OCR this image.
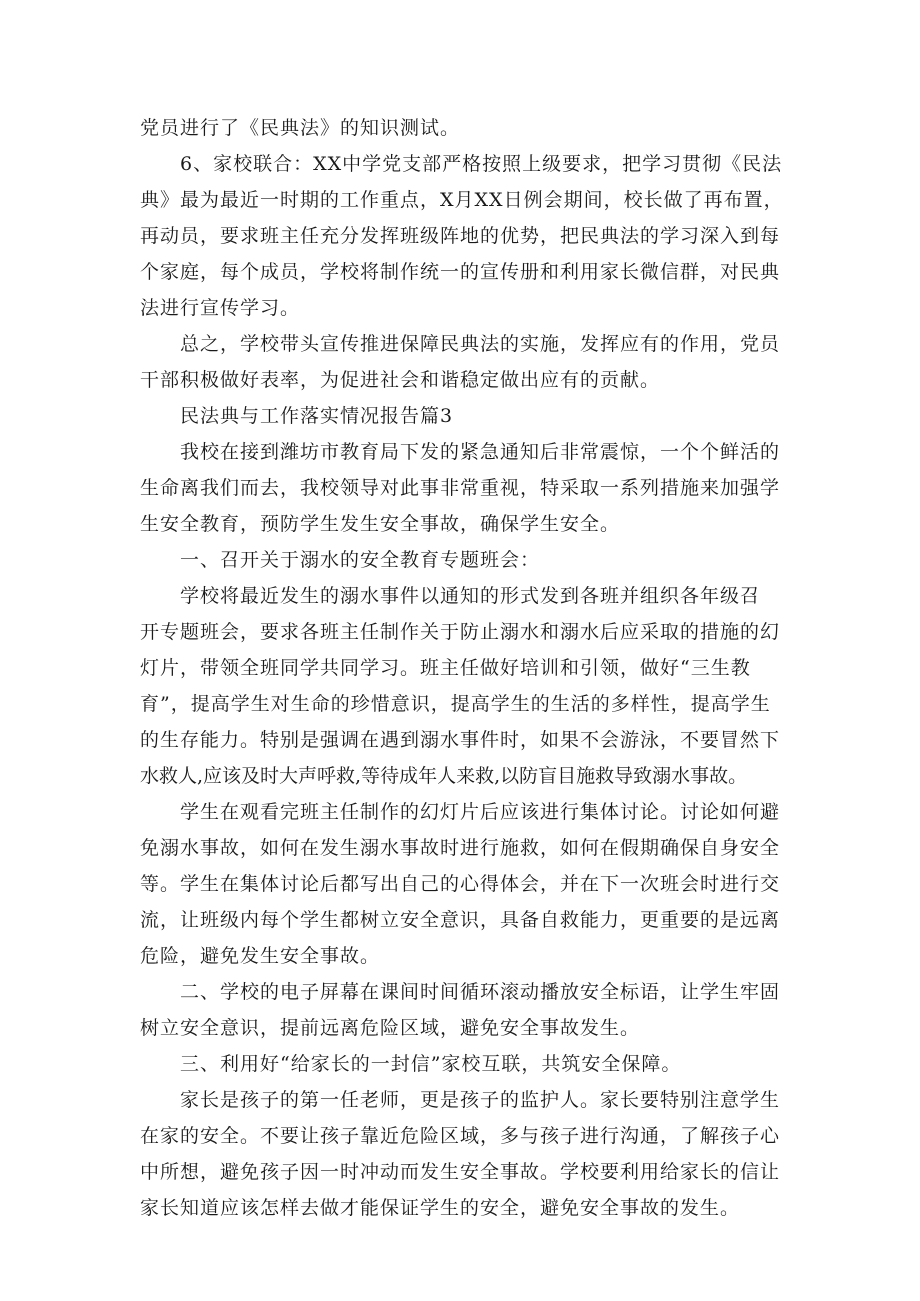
党员进行了《民典法》的知识测试。
6、家校联合：XX中学党支部严格按照上级要求，把学习贯彻《民法
典》最为最近一时期的工作重点，X月XX日例会期间，校长做了再布置，
再动员，要求班主任充分发挥班级阵地的优势，把民典法的学习深入到每
个家庭，每个成员，学校将制作统一的宣传册和利用家长微信群，对民典
法进行宣传学习。
总之，学校带头宣传推进保障民典法的实施，发挥应有的作用，党员
干部积极做好表率，为促进社会和谐稳定做出应有的贡献。
民法典与工作落实情况报告篇3
我校在接到潍坊市教育局下发的紧急通知后非常震惊，一个个鲜活的
生命离我们而去，我校领导对此事非常重视，特采取一系列措施来加强学
生安全教育，预防学生发生安全事故，确保学生安全。
一、召开关于溺水的安全教育专题班会：
学校将最近发生的溺水事件以通知的形式发到各班并组织各年级召
开专题班会，要求各班主任制作关于防止溺水和溺水后应采取的措施的幻
灯片，带领全班同学共同学习。班主任做好培训和引领，做好“三生教
育”，提高学生对生命的珍惜意识，提高学生的生活的多样性，提高学生
的生存能力。特别是强调在遇到溺水事件时，如果不会游泳，不要冒然下
水救人,应该及时大声呼救,等待成年人来救,以防盲目施救导致溺水事故。
学生在观看完班主任制作的幻灯片后应该进行集体讨论。讨论如何避
免溺水事故，如何在发生溺水事故时进行施救，如何在假期确保自身安全
等。学生在集体讨论后都写出自己的心得体会，并在下一次班会时进行交
流，让班级内每个学生都树立安全意识，具备自救能力，更重要的是远离
危险，避免发生安全事故。
二、学校的电子屏幕在课间时间循环滚动播放安全标语，让学生牢固
树立安全意识，提前远离危险区域，避免安全事故发生。
三、利用好“给家长的一封信”家校互联，共筑安全保障。
家长是孩子的第一任老师，更是孩子的监护人。家长要特别注意学生
在家的安全。不要让孩子靠近危险区域，多与孩子进行沟通，了解孩子心
中所想，避免孩子因一时冲动而发生安全事故。学校要利用给家长的信让
家长知道应该怎样去做才能保证学生的安全，避免安全事故的发生。
